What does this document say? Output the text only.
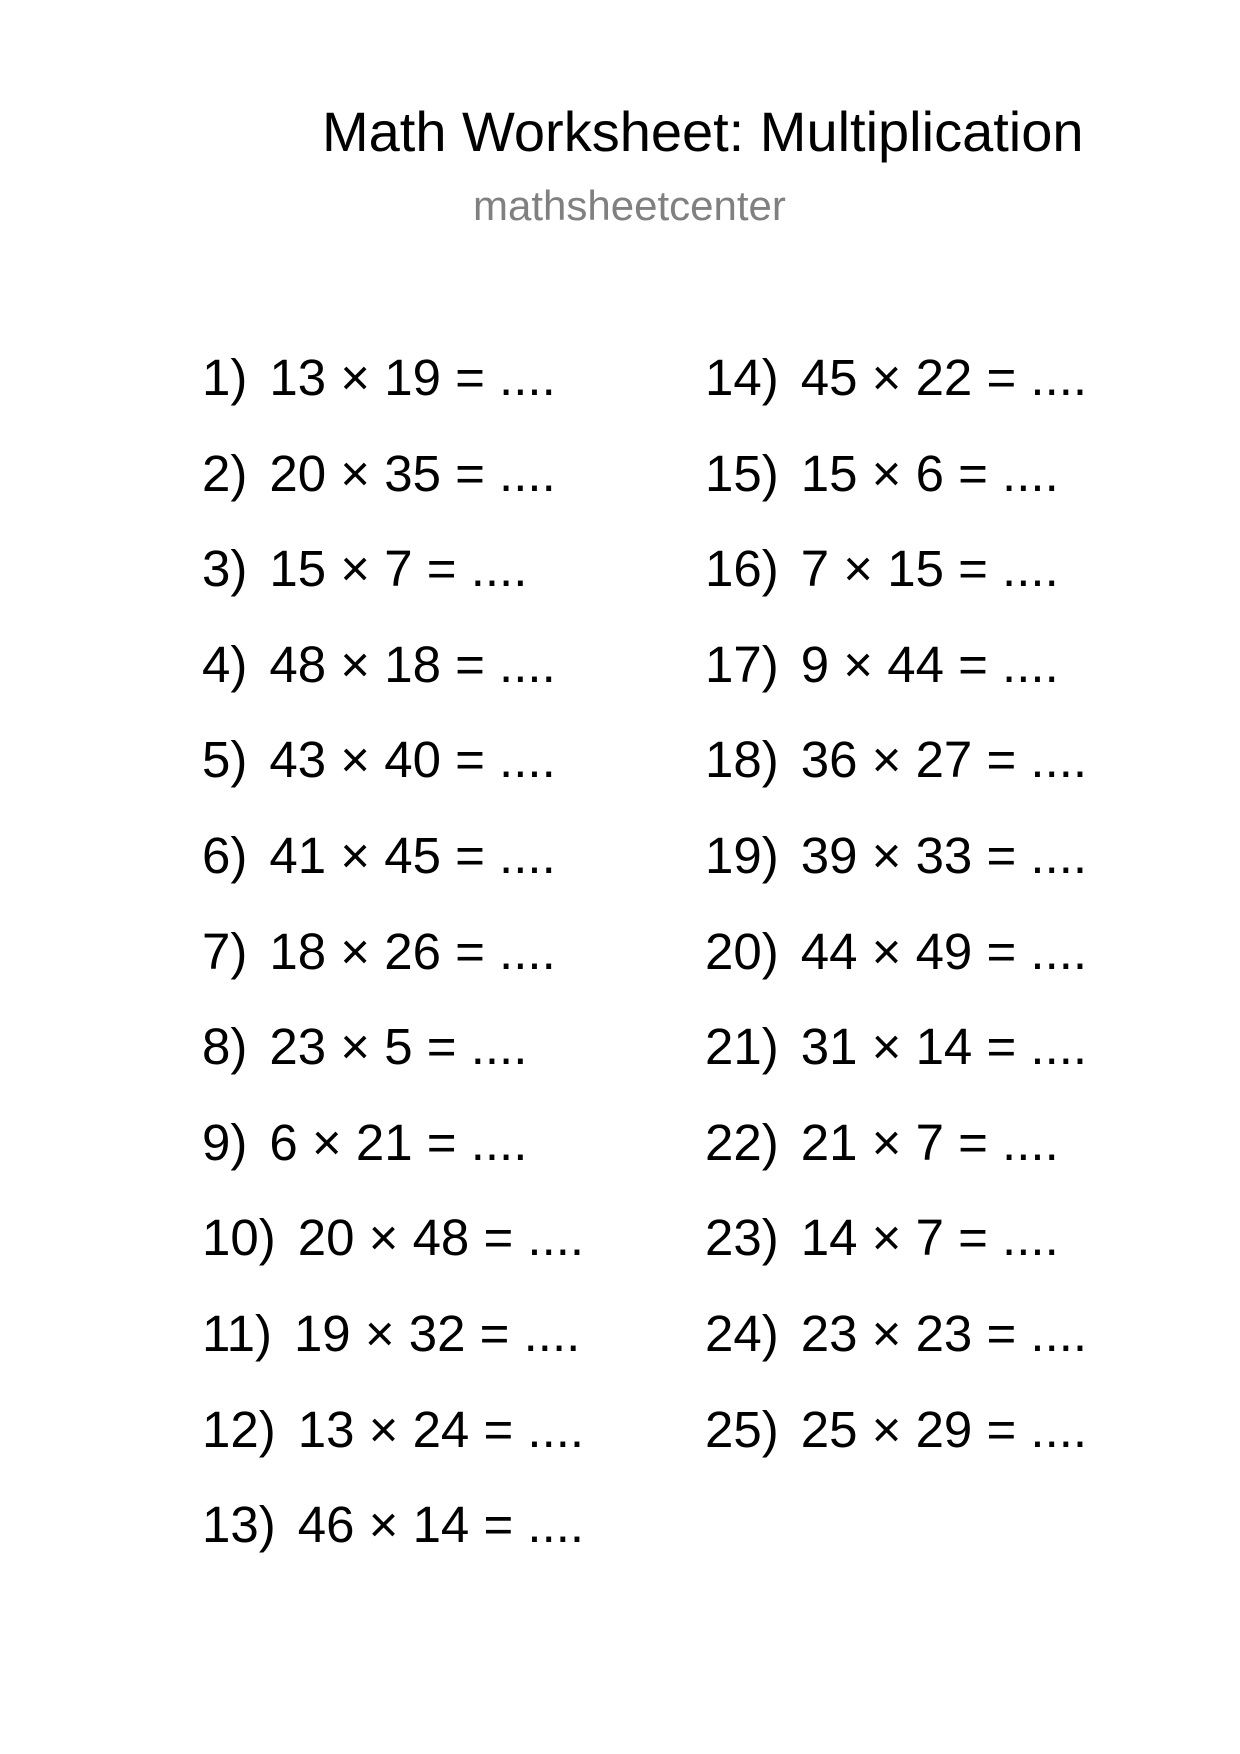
Math Worksheet: Multiplication
mathsheetcenter
1) 13 × 19 = ....
2) 20 × 35 = ....
3) 15 × 7 = ....
4) 48 × 18 = ....
5) 43 × 40 = ....
6) 41 × 45 = ....
7) 18 × 26 = ....
8) 23 × 5 = ....
9) 6 × 21 = ....
10) 20 × 48 = ....
11) 19 × 32 = ....
12) 13 × 24 = ....
13) 46 × 14 = ....
14) 45 × 22 = ....
15) 15 × 6 = ....
16) 7 × 15 = ....
17) 9 × 44 = ....
18) 36 × 27 = ....
19) 39 × 33 = ....
20) 44 × 49 = ....
21) 31 × 14 = ....
22) 21 × 7 = ....
23) 14 × 7 = ....
24) 23 × 23 = ....
25) 25 × 29 = ....
